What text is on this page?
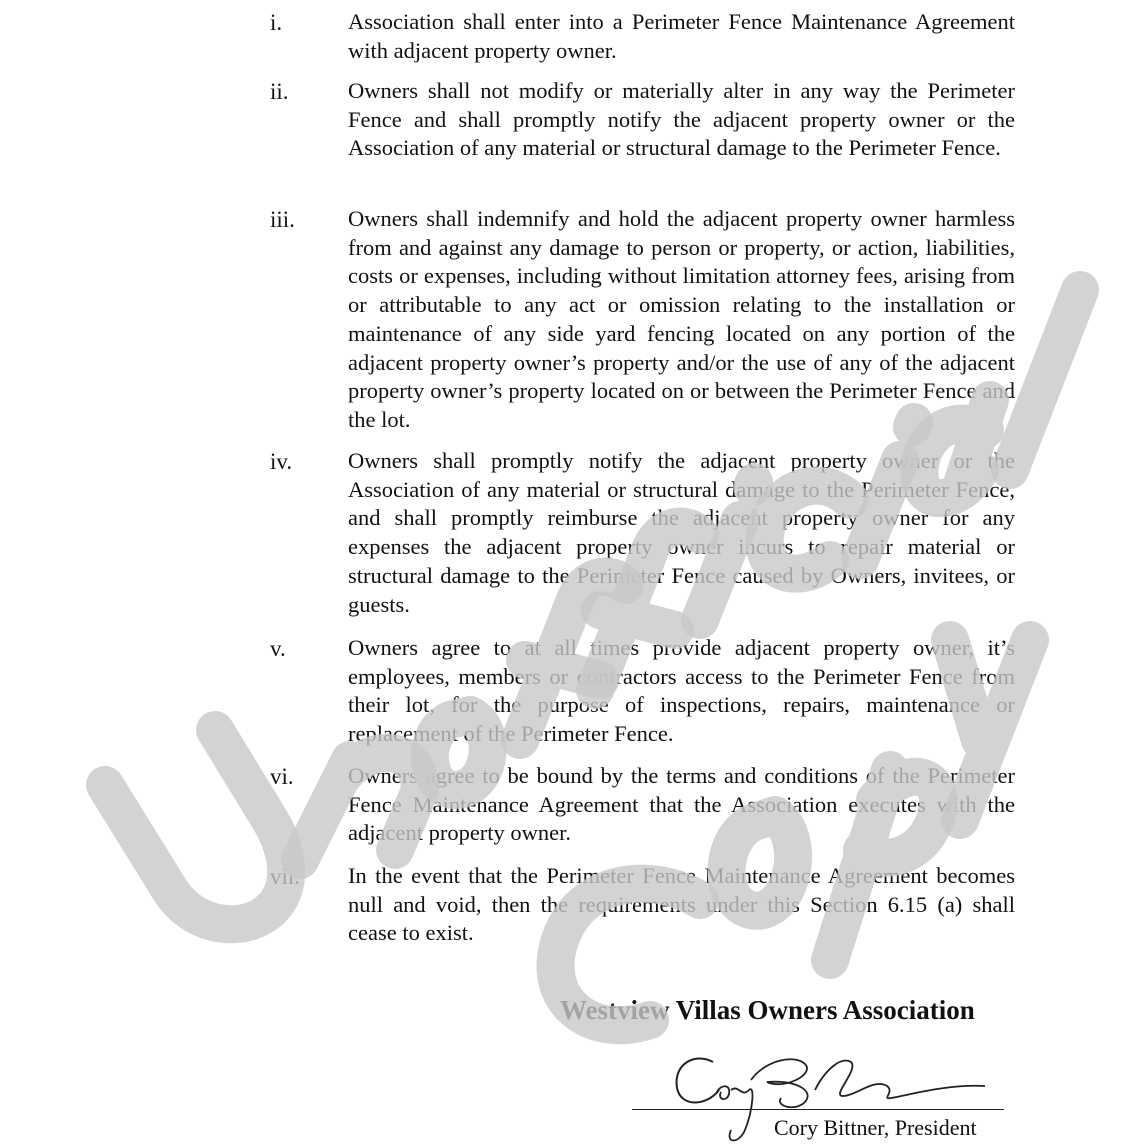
i.	Association shall enter into a Perimeter Fence Maintenance Agreement with adjacent property owner.
ii.	Owners shall not modify or materially alter in any way the Perimeter Fence and shall promptly notify the adjacent property owner or the Association of any material or structural damage to the Perimeter Fence.
iii.	Owners shall indemnify and hold the adjacent property owner harmless from and against any damage to person or property, or action, liabilities, costs or expenses, including without limitation attorney fees, arising from or attributable to any act or omission relating to the installation or maintenance of any side yard fencing located on any portion of the adjacent property owner’s property and/or the use of any of the adjacent property owner’s property located on or between the Perimeter Fence and the lot.
iv.	Owners shall promptly notify the adjacent property owner or the Association of any material or structural damage to the Perimeter Fence, and shall promptly reimburse the adjacent property owner for any expenses the adjacent property owner incurs to repair material or structural damage to the Perimeter Fence caused by Owners, invitees, or guests.
v.	Owners agree to at all times provide adjacent property owner, it’s employees, members or contractors access to the Perimeter Fence from their lot, for the purpose of inspections, repairs, maintenance or replacement of the Perimeter Fence.
vi.	Owners agree to be bound by the terms and conditions of the Perimeter Fence Maintenance Agreement that the Association executes with the adjacent property owner.
vii.	In the event that the Perimeter Fence Maintenance Agreement becomes null and void, then the requirements under this Section 6.15 (a) shall cease to exist.
Westview Villas Owners Association
Cory Bittner, President
